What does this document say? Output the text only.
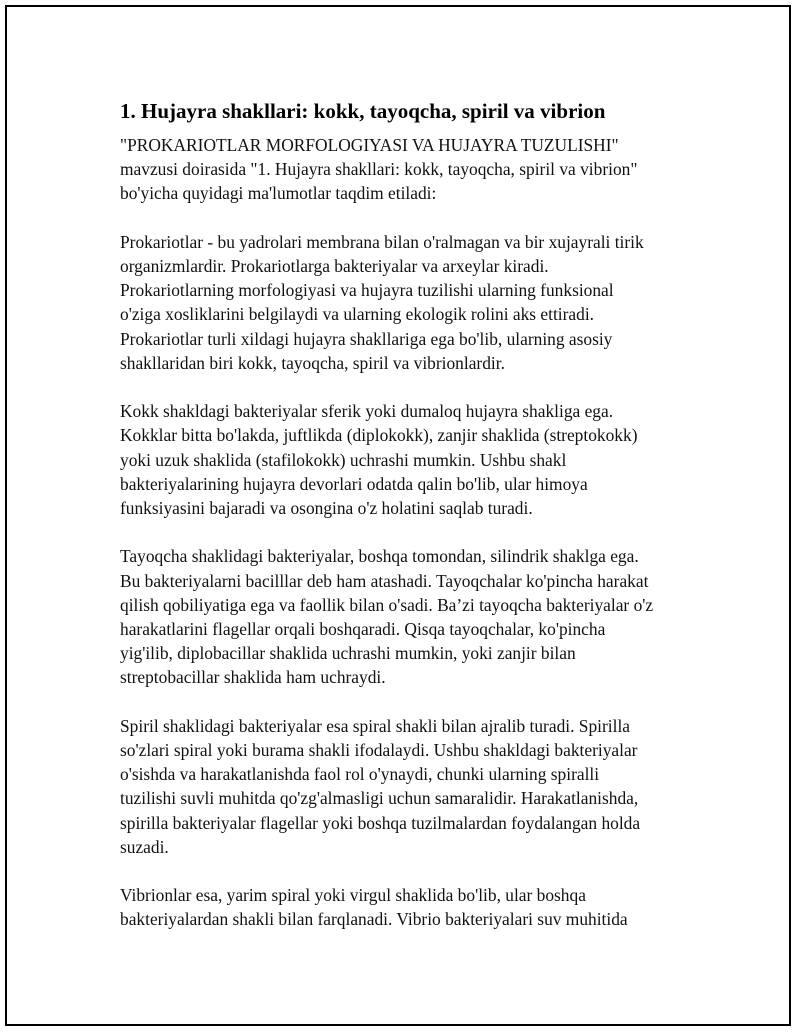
1. Hujayra shakllari: kokk, tayoqcha, spiril va vibrion

"PROKARIOTLAR MORFOLOGIYASI VA HUJAYRA TUZULISHI"
mavzusi doirasida "1. Hujayra shakllari: kokk, tayoqcha, spiril va vibrion"
bo'yicha quyidagi ma'lumotlar taqdim etiladi:

Prokariotlar - bu yadrolari membrana bilan o'ralmagan va bir xujayrali tirik
organizmlardir. Prokariotlarga bakteriyalar va arxeylar kiradi.
Prokariotlarning morfologiyasi va hujayra tuzilishi ularning funksional
o'ziga xosliklarini belgilaydi va ularning ekologik rolini aks ettiradi.
Prokariotlar turli xildagi hujayra shakllariga ega bo'lib, ularning asosiy
shakllaridan biri kokk, tayoqcha, spiril va vibrionlardir.

Kokk shakldagi bakteriyalar sferik yoki dumaloq hujayra shakliga ega.
Kokklar bitta bo'lakda, juftlikda (diplokokk), zanjir shaklida (streptokokk)
yoki uzuk shaklida (stafilokokk) uchrashi mumkin. Ushbu shakl
bakteriyalarining hujayra devorlari odatda qalin bo'lib, ular himoya
funksiyasini bajaradi va osongina o'z holatini saqlab turadi.

Tayoqcha shaklidagi bakteriyalar, boshqa tomondan, silindrik shaklga ega.
Bu bakteriyalarni bacilllar deb ham atashadi. Tayoqchalar ko'pincha harakat
qilish qobiliyatiga ega va faollik bilan o'sadi. Ba’zi tayoqcha bakteriyalar o'z
harakatlarini flagellar orqali boshqaradi. Qisqa tayoqchalar, ko'pincha
yig'ilib, diplobacillar shaklida uchrashi mumkin, yoki zanjir bilan
streptobacillar shaklida ham uchraydi.

Spiril shaklidagi bakteriyalar esa spiral shakli bilan ajralib turadi. Spirilla
so'zlari spiral yoki burama shakli ifodalaydi. Ushbu shakldagi bakteriyalar
o'sishda va harakatlanishda faol rol o'ynaydi, chunki ularning spiralli
tuzilishi suvli muhitda qo'zg'almasligi uchun samaralidir. Harakatlanishda,
spirilla bakteriyalar flagellar yoki boshqa tuzilmalardan foydalangan holda
suzadi.

Vibrionlar esa, yarim spiral yoki virgul shaklida bo'lib, ular boshqa
bakteriyalardan shakli bilan farqlanadi. Vibrio bakteriyalari suv muhitida
